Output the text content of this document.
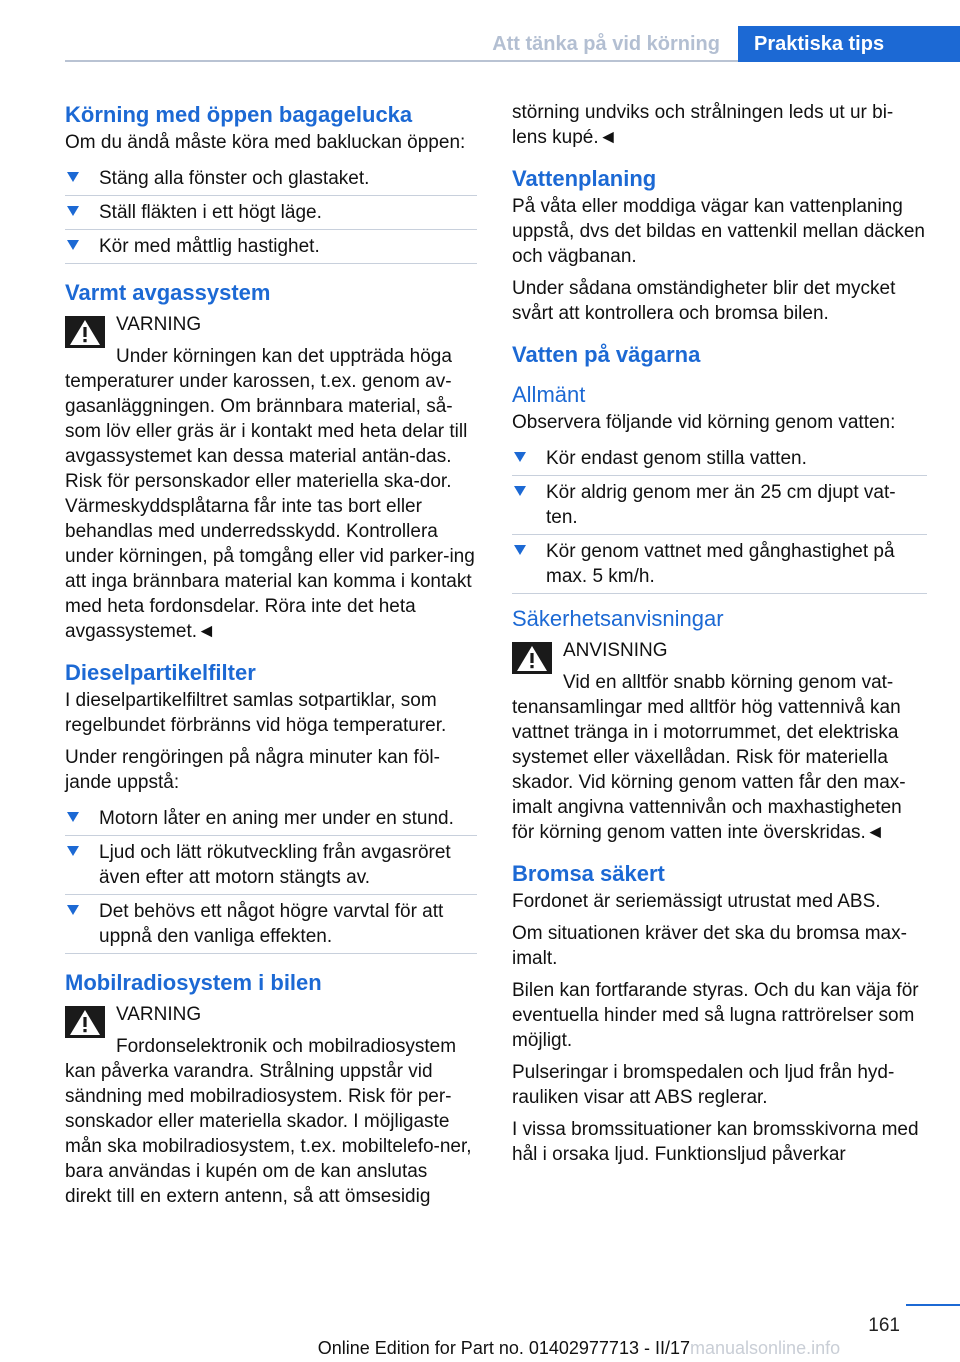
Att tänka på vid körning	Praktiska tips
Körning med öppen bagagelucka

Om du ändå måste köra med bakluckan öppen:

Stäng alla fönster och glastaket.
Ställ fläkten i ett högt läge.
Kör med måttlig hastighet.
Varmt avgassystem
VARNING
Under körningen kan det uppträda höga
temperaturer under karossen, t.ex. genom av-gasanläggningen. Om brännbara material, så-som löv eller gräs är i kontakt med heta delar till avgassystemet kan dessa material antän-das. Risk för personskador eller materiella ska-dor. Värmeskyddsplåtarna får inte tas bort eller behandlas med underredsskydd. Kontrollera under körningen, på tomgång eller vid parker-ing att inga brännbara material kan komma i kontakt med heta fordonsdelar. Röra inte det heta avgassystemet.◄
Dieselpartikelfilter

I dieselpartikelfiltret samlas sotpartiklar, som regelbundet förbränns vid höga temperaturer.

Under rengöringen på några minuter kan föl-jande uppstå:

Motorn låter en aning mer under en stund.
Ljud och lätt rökutveckling från avgasröret även efter att motorn stängts av.
Det behövs ett något högre varvtal för att uppnå den vanliga effekten.
Mobilradiosystem i bilen
VARNING
Fordonselektronik och mobilradiosystem
kan påverka varandra. Strålning uppstår vid sändning med mobilradiosystem. Risk för per-sonskador eller materiella skador. I möjligaste mån ska mobilradiosystem, t.ex. mobiltelefo-ner, bara användas i kupén om de kan anslutas direkt till en extern antenn, så att ömsesidig

störning undviks och strålningen leds ut ur bi-lens kupé.◄

Vattenplaning

På våta eller moddiga vägar kan vattenplaning uppstå, dvs det bildas en vattenkil mellan däcken och vägbanan.

Under sådana omständigheter blir det mycket svårt att kontrollera och bromsa bilen.

Vatten på vägarna
Allmänt

Observera följande vid körning genom vatten:

Kör endast genom stilla vatten.
Kör aldrig genom mer än 25 cm djupt vat-ten.
Kör genom vattnet med gånghastighet på max. 5 km/h.
Säkerhetsanvisningar
ANVISNING
Vid en alltför snabb körning genom vat-
tenansamlingar med alltför hög vattennivå kan vattnet tränga in i motorrummet, det elektriska systemet eller växellådan. Risk för materiella skador. Vid körning genom vatten får den max-imalt angivna vattennivån och maxhastigheten för körning genom vatten inte överskridas.◄
Bromsa säkert

Fordonet är seriemässigt utrustat med ABS.

Om situationen kräver det ska du bromsa max-imalt.

Bilen kan fortfarande styras. Och du kan väja för eventuella hinder med så lugna rattrörelser som möjligt.

Pulseringar i bromspedalen och ljud från hyd-rauliken visar att ABS reglerar.

I vissa bromssituationer kan bromsskivorna med hål i orsaka ljud. Funktionsljud påverkar

161
Online Edition for Part no. 01402977713 - II/17 manualsonline.info
